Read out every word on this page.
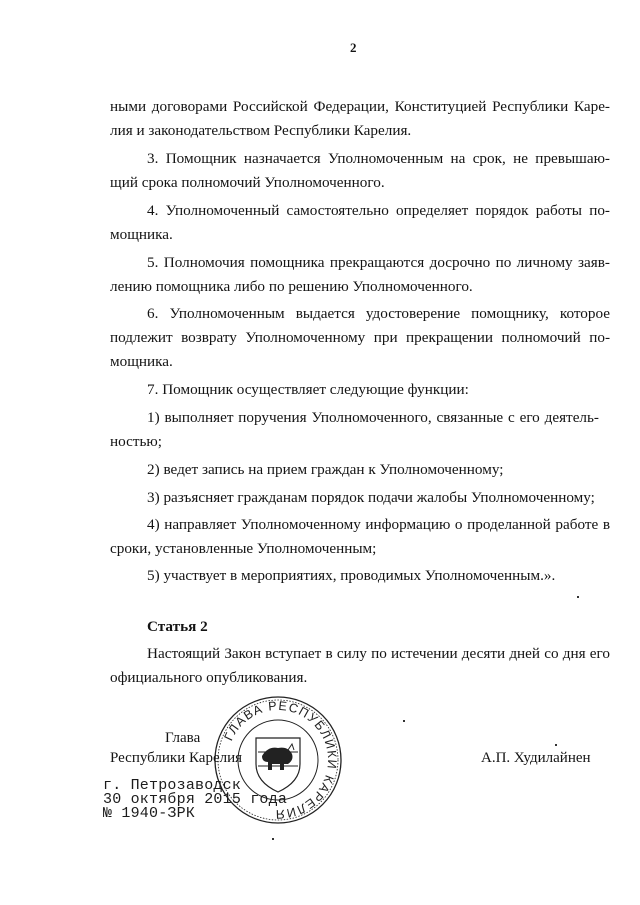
2
ными договорами Российской Федерации, Конституцией Республики Каре-
лия и законодательством Республики Карелия.
3. Помощник назначается Уполномоченным на срок, не превышаю-
щий срока полномочий Уполномоченного.
4. Уполномоченный самостоятельно определяет порядок работы по-
мощника.
5. Полномочия помощника прекращаются досрочно по личному заяв-
лению помощника либо по решению Уполномоченного.
6. Уполномоченным выдается удостоверение помощнику, которое
подлежит возврату Уполномоченному при прекращении полномочий по-
мощника.
7. Помощник осуществляет следующие функции:
1) выполняет поручения Уполномоченного, связанные с его деятель-
ностью;
2) ведет запись на прием граждан к Уполномоченному;
3) разъясняет гражданам порядок подачи жалобы Уполномоченному;
4) направляет Уполномоченному информацию о проделанной работе в
сроки, установленные Уполномоченным;
5) участвует в мероприятиях, проводимых Уполномоченным.».
Статья 2
Настоящий Закон вступает в силу по истечении десяти дней со дня его
официального опубликования.
ГЛАВА РЕСПУБЛИКИ КАРЕЛИЯ
Глава
Республики Карелия	А.П. Худилайнен
г. Петрозаводск
30 октября 2015 года
№ 1940-ЗРК
